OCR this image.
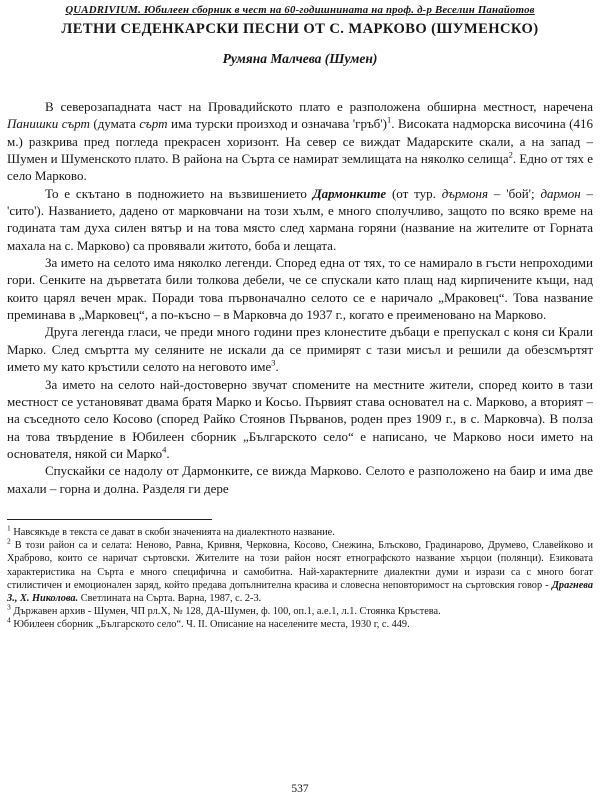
QUADRIVIUM. Юбилеен сборник в чест на 60-годишнината на проф. д-р Веселин Панайотов
ЛЕТНИ СЕДЕНКАРСКИ ПЕСНИ ОТ С. МАРКОВО (ШУМЕНСКО)
Румяна Малчева (Шумен)

В северозападната част на Провадийското плато е разположена обширна местност, наречена Панишки сърт (думата сърт има турски произход и означава 'гръб')$^1$. Високата надморска височина (416 м.) разкрива пред погледа прекрасен хоризонт. На север се виждат Мадарските скали, а на запад – Шумен и Шуменското плато. В района на Сърта се намират землищата на няколко селища$^2$. Едно от тях е село Марково.

То е скътано в подножието на възвишението Дармонките (от тур. дърмоня – 'бой'; дармон – 'сито'). Названието, дадено от марковчани на този хълм, е много сполучливо, защото по всяко време на годината там духа силен вятър и на това място след хармана горяни (название на жителите от Горната махала на с. Марково) са провявали житото, боба и лещата.

За името на селото има няколко легенди. Според една от тях, то се намирало в гъсти непроходими гори. Сенките на дърветата били толкова дебели, че се спускали като плащ над кирпичените къщи, над които царял вечен мрак. Поради това първоначално селото се е наричало „Мраковец“. Това название преминава в „Марковец“, а по-късно – в Марковча до 1937 г., когато е преименовано на Марково.

Друга легенда гласи, че преди много години през клонестите дъбаци е препускал с коня си Крали Марко. След смъртта му селяните не искали да се примирят с тази мисъл и решили да обезсмъртят името му като кръстили селото на неговото име$^3$.

За името на селото най-достоверно звучат спомените на местните жители, според които в тази местност се установяват двама братя Марко и Косьо. Първият става основател на с. Марково, а вторият – на съседното село Косово (според Райко Стоянов Първанов, роден през 1909 г., в с. Марковча). В полза на това твърдение в Юбилеен сборник „Българското село“ е написано, че Марково носи името на основателя, някой си Марко$^4$.

Спускайки се надолу от Дармонките, се вижда Марково. Селото е разположено на баир и има две махали – горна и долна. Разделя ги дере

$^1$ Навсякъде в текста се дават в скоби значенията на диалектното название.
$^2$ В този район са и селата: Неново, Равна, Кривня, Черковна, Косово, Снежина, Блъсково, Градинарово, Друмево, Славейково и Храброво, които се наричат съртовски. Жителите на този район носят етнографското название хърцои (полянци). Езиковата характеристика на Сърта е много специфична и самобитна. Най-характерните диалектни думи и изрази са с много богат стилистичен и емоционален заряд, който предава допълнителна красива и словесна неповторимост на съртовския говор - Драгнева З., Х. Николова. Светлината на Сърта. Варна, 1987, с. 2-3.
$^3$ Държавен архив - Шумен, ЧП рл.Х, № 128, ДА-Шумен, ф. 100, оп.1, а.е.1, л.1. Стоянка Кръстева.
$^4$ Юбилеен сборник „Българското село“. Ч. II. Описание на населените места, 1930 г, с. 449.
537
